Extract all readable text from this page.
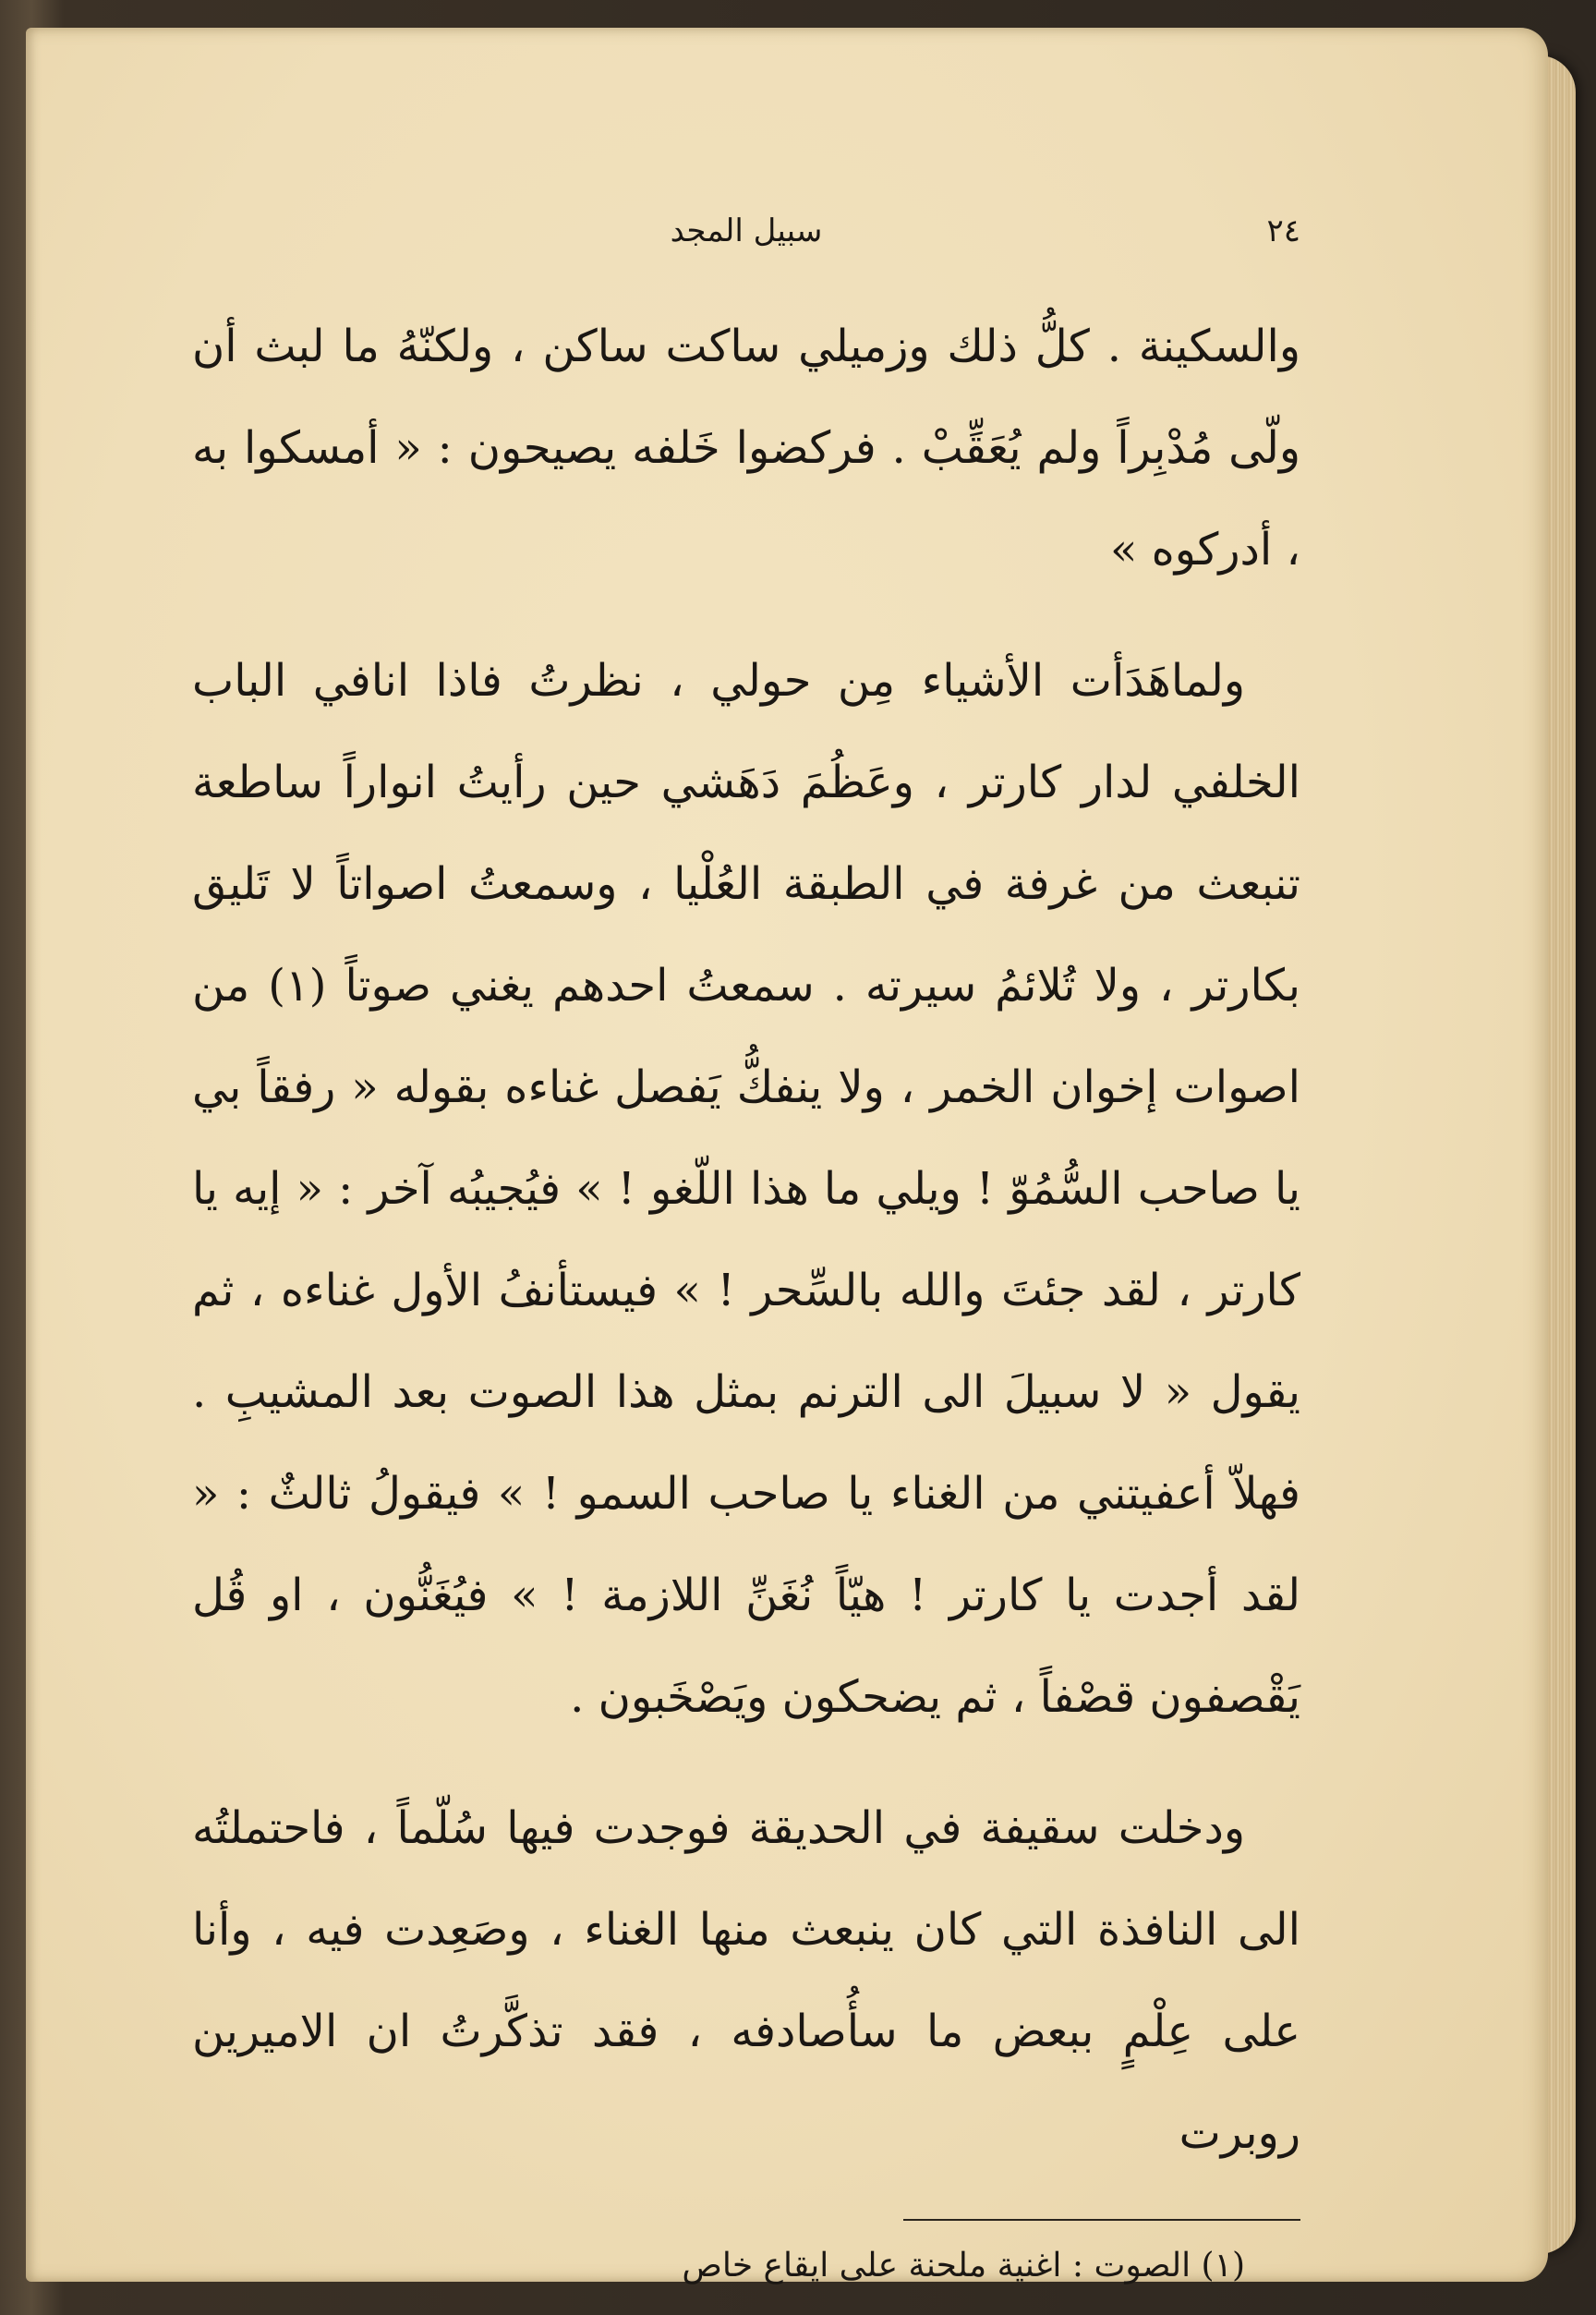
٢٤
سبيل المجد

والسكينة . كلُّ ذلك وزميلي ساكت ساكن ، ولكنّهُ ما لبث أن ولّى مُدْبِراً ولم يُعَقِّبْ . فركضوا خَلفه يصيحون : « أمسكوا به ، أدركوه »

ولماهَدَأت الأشياء مِن حولي ، نظرتُ فاذا انافي الباب الخلفي لدار كارتر ، وعَظُمَ دَهَشي حين رأيتُ انواراً ساطعة تنبعث من غرفة في الطبقة العُلْيا ، وسمعتُ اصواتاً لا تَليق بكارتر ، ولا تُلائمُ سيرته . سمعتُ احدهم يغني صوتاً (١) من اصوات إخوان الخمر ، ولا ينفكُّ يَفصل غناءه بقوله « رفقاً بي يا صاحب السُّمُوّ ! ويلي ما هذا اللّغو ! » فيُجيبُه آخر : « إيه يا كارتر ، لقد جئتَ والله بالسِّحر ! » فيستأنفُ الأول غناءه ، ثم يقول « لا سبيلَ الى الترنم بمثل هذا الصوت بعد المشيبِ . فهلاّ أعفيتني من الغناء يا صاحب السمو ! » فيقولُ ثالثٌ : « لقد أجدت يا كارتر ! هيّاً نُغَنِّ اللازمة ! » فيُغَنُّون ، او قُل يَقْصفون قصْفاً ، ثم يضحكون ويَصْخَبون .

ودخلت سقيفة في الحديقة فوجدت فيها سُلّماً ، فاحتملتُه الى النافذة التي كان ينبعث منها الغناء ، وصَعِدت فيه ، وأنا على عِلْمٍ ببعض ما سأُصادفه ، فقد تذكَّرتُ ان الاميرين روبرت

(١) الصوت : اغنية ملحنة على ايقاع خاص
